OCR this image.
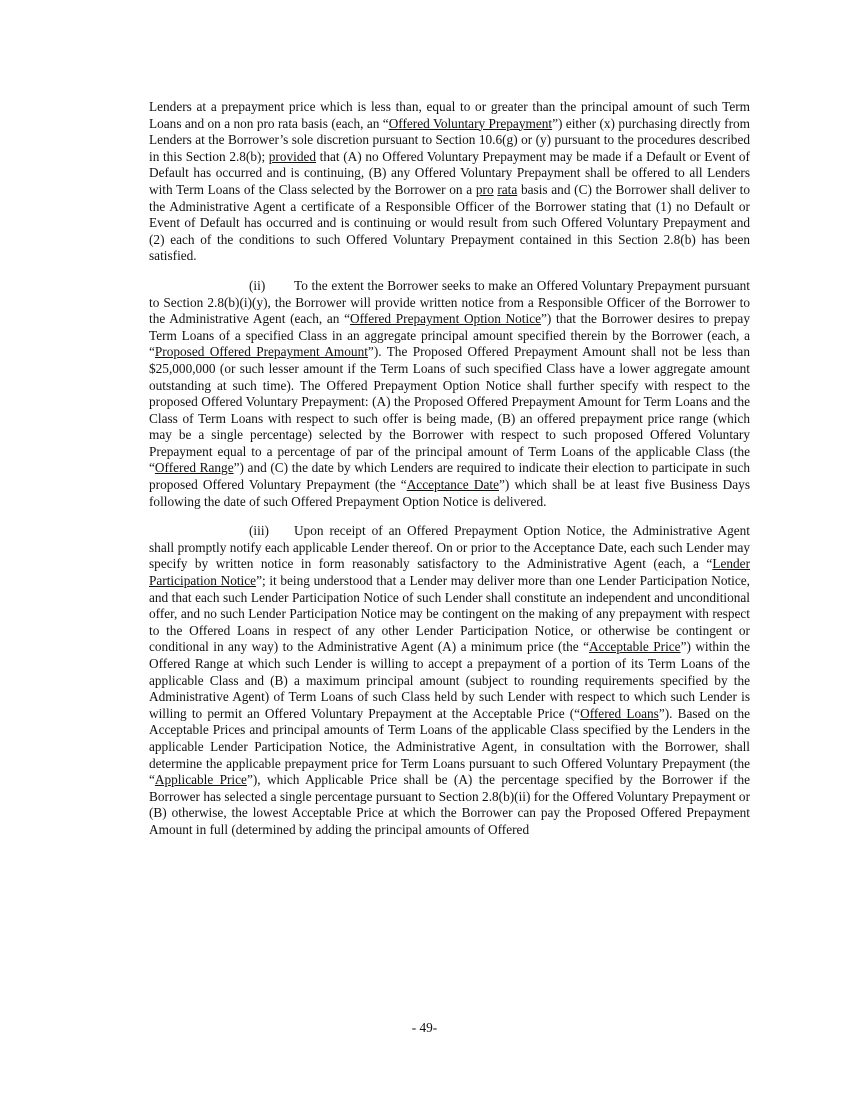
Lenders at a prepayment price which is less than, equal to or greater than the principal amount of such Term Loans and on a non pro rata basis (each, an “Offered Voluntary Prepayment”) either (x) purchasing directly from Lenders at the Borrower’s sole discretion pursuant to Section 10.6(g) or (y) pursuant to the procedures described in this Section 2.8(b); provided that (A) no Offered Voluntary Prepayment may be made if a Default or Event of Default has occurred and is continuing, (B) any Offered Voluntary Prepayment shall be offered to all Lenders with Term Loans of the Class selected by the Borrower on a pro rata basis and (C) the Borrower shall deliver to the Administrative Agent a certificate of a Responsible Officer of the Borrower stating that (1) no Default or Event of Default has occurred and is continuing or would result from such Offered Voluntary Prepayment and (2) each of the conditions to such Offered Voluntary Prepayment contained in this Section 2.8(b) has been satisfied.

(ii) To the extent the Borrower seeks to make an Offered Voluntary Prepayment pursuant to Section 2.8(b)(i)(y), the Borrower will provide written notice from a Responsible Officer of the Borrower to the Administrative Agent (each, an “Offered Prepayment Option Notice”) that the Borrower desires to prepay Term Loans of a specified Class in an aggregate principal amount specified therein by the Borrower (each, a “Proposed Offered Prepayment Amount”). The Proposed Offered Prepayment Amount shall not be less than $25,000,000 (or such lesser amount if the Term Loans of such specified Class have a lower aggregate amount outstanding at such time). The Offered Prepayment Option Notice shall further specify with respect to the proposed Offered Voluntary Prepayment: (A) the Proposed Offered Prepayment Amount for Term Loans and the Class of Term Loans with respect to such offer is being made, (B) an offered prepayment price range (which may be a single percentage) selected by the Borrower with respect to such proposed Offered Voluntary Prepayment equal to a percentage of par of the principal amount of Term Loans of the applicable Class (the “Offered Range”) and (C) the date by which Lenders are required to indicate their election to participate in such proposed Offered Voluntary Prepayment (the “Acceptance Date”) which shall be at least five Business Days following the date of such Offered Prepayment Option Notice is delivered.

(iii) Upon receipt of an Offered Prepayment Option Notice, the Administrative Agent shall promptly notify each applicable Lender thereof. On or prior to the Acceptance Date, each such Lender may specify by written notice in form reasonably satisfactory to the Administrative Agent (each, a “Lender Participation Notice”; it being understood that a Lender may deliver more than one Lender Participation Notice, and that each such Lender Participation Notice of such Lender shall constitute an independent and unconditional offer, and no such Lender Participation Notice may be contingent on the making of any prepayment with respect to the Offered Loans in respect of any other Lender Participation Notice, or otherwise be contingent or conditional in any way) to the Administrative Agent (A) a minimum price (the “Acceptable Price”) within the Offered Range at which such Lender is willing to accept a prepayment of a portion of its Term Loans of the applicable Class and (B) a maximum principal amount (subject to rounding requirements specified by the Administrative Agent) of Term Loans of such Class held by such Lender with respect to which such Lender is willing to permit an Offered Voluntary Prepayment at the Acceptable Price (“Offered Loans”). Based on the Acceptable Prices and principal amounts of Term Loans of the applicable Class specified by the Lenders in the applicable Lender Participation Notice, the Administrative Agent, in consultation with the Borrower, shall determine the applicable prepayment price for Term Loans pursuant to such Offered Voluntary Prepayment (the “Applicable Price”), which Applicable Price shall be (A) the percentage specified by the Borrower if the Borrower has selected a single percentage pursuant to Section 2.8(b)(ii) for the Offered Voluntary Prepayment or (B) otherwise, the lowest Acceptable Price at which the Borrower can pay the Proposed Offered Prepayment Amount in full (determined by adding the principal amounts of Offered

- 49-
